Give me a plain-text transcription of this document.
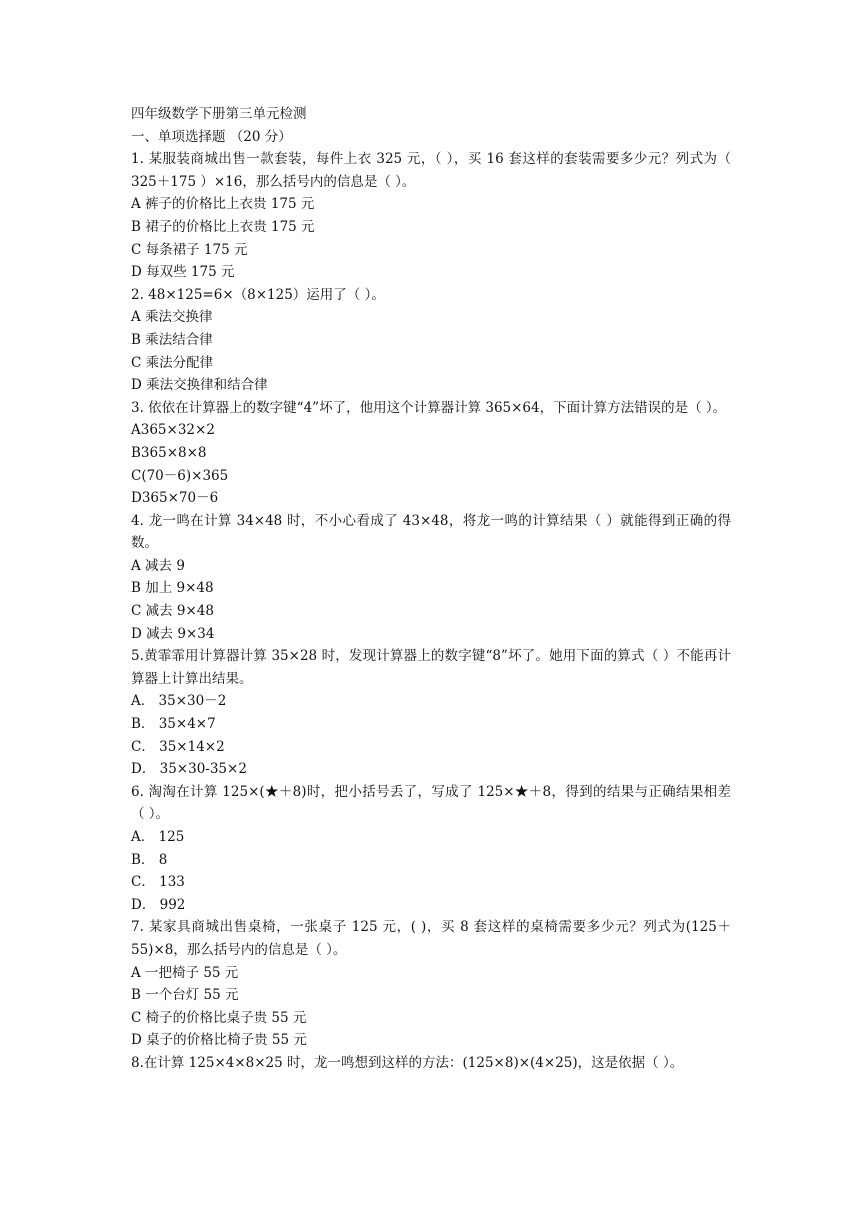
四年级数学下册第三单元检测
一、单项选择题 （20 分）
1. 某服装商城出售一款套装，每件上衣 325 元，（ ），买 16 套这样的套装需要多少元？列式为（ 325＋175 ）×16，那么括号内的信息是（ ）。
A 裤子的价格比上衣贵 175 元
B 裙子的价格比上衣贵 175 元
C 每条裙子 175 元
D 每双些 175 元
2. 48×125=6×（8×125）运用了（ ）。
A 乘法交换律
B 乘法结合律
C 乘法分配律
D 乘法交换律和结合律
3. 依依在计算器上的数字键“4”坏了，他用这个计算器计算 365×64，下面计算方法错误的是（ ）。
A365×32×2
B365×8×8
C(70－6)×365
D365×70－6
4. 龙一鸣在计算 34×48 时，不小心看成了 43×48，将龙一鸣的计算结果（ ）就能得到正确的得数。
A 减去 9
B 加上 9×48
C 减去 9×48
D 减去 9×34
5.黄霏霏用计算器计算 35×28 时，发现计算器上的数字键“8”坏了。她用下面的算式（ ）不能再计算器上计算出结果。
A． 35×30－2
B． 35×4×7
C． 35×14×2
D． 35×30-35×2
6. 淘淘在计算 125×(★＋8)时，把小括号丢了，写成了 125×★＋8，得到的结果与正确结果相差（ ）。
A． 125
B． 8
C． 133
D． 992
7. 某家具商城出售桌椅，一张桌子 125 元，( )，买 8 套这样的桌椅需要多少元？列式为(125＋55)×8，那么括号内的信息是（ ）。
A 一把椅子 55 元
B 一个台灯 55 元
C 椅子的价格比桌子贵 55 元
D 桌子的价格比椅子贵 55 元
8.在计算 125×4×8×25 时，龙一鸣想到这样的方法：(125×8)×(4×25)，这是依据（ ）。
